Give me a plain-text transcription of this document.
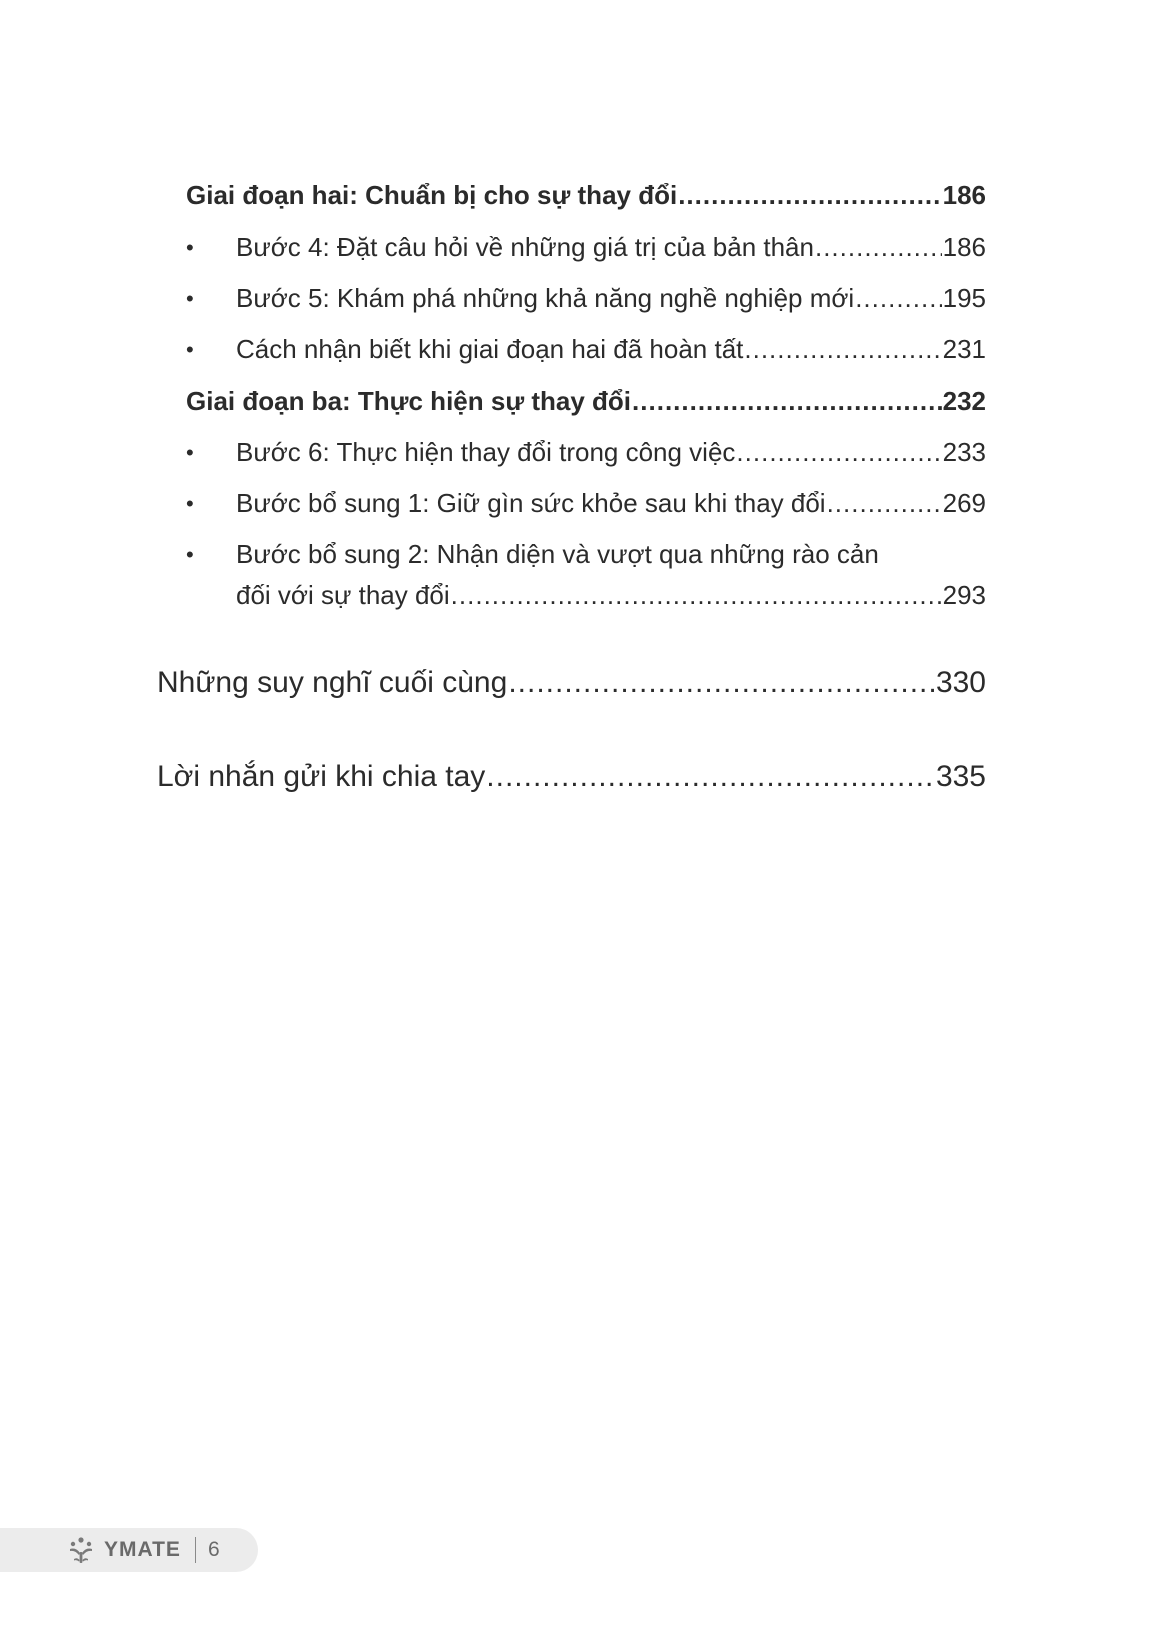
Giai đoạn hai: Chuẩn bị cho sự thay đổi .....	186
• Bước 4: Đặt câu hỏi về những giá trị của bản thân .....	186
• Bước 5: Khám phá những khả năng nghề nghiệp mới .....	195
• Cách nhận biết khi giai đoạn hai đã hoàn tất .....	231
Giai đoạn ba: Thực hiện sự thay đổi .....	232
• Bước 6: Thực hiện thay đổi trong công việc .....	233
• Bước bổ sung 1: Giữ gìn sức khỏe sau khi thay đổi .....	269
• Bước bổ sung 2: Nhận diện và vượt qua những rào cản
đối với sự thay đổi .....	293
Những suy nghĩ cuối cùng .....	330
Lời nhắn gửi khi chia tay .....	335
YMATE 6
